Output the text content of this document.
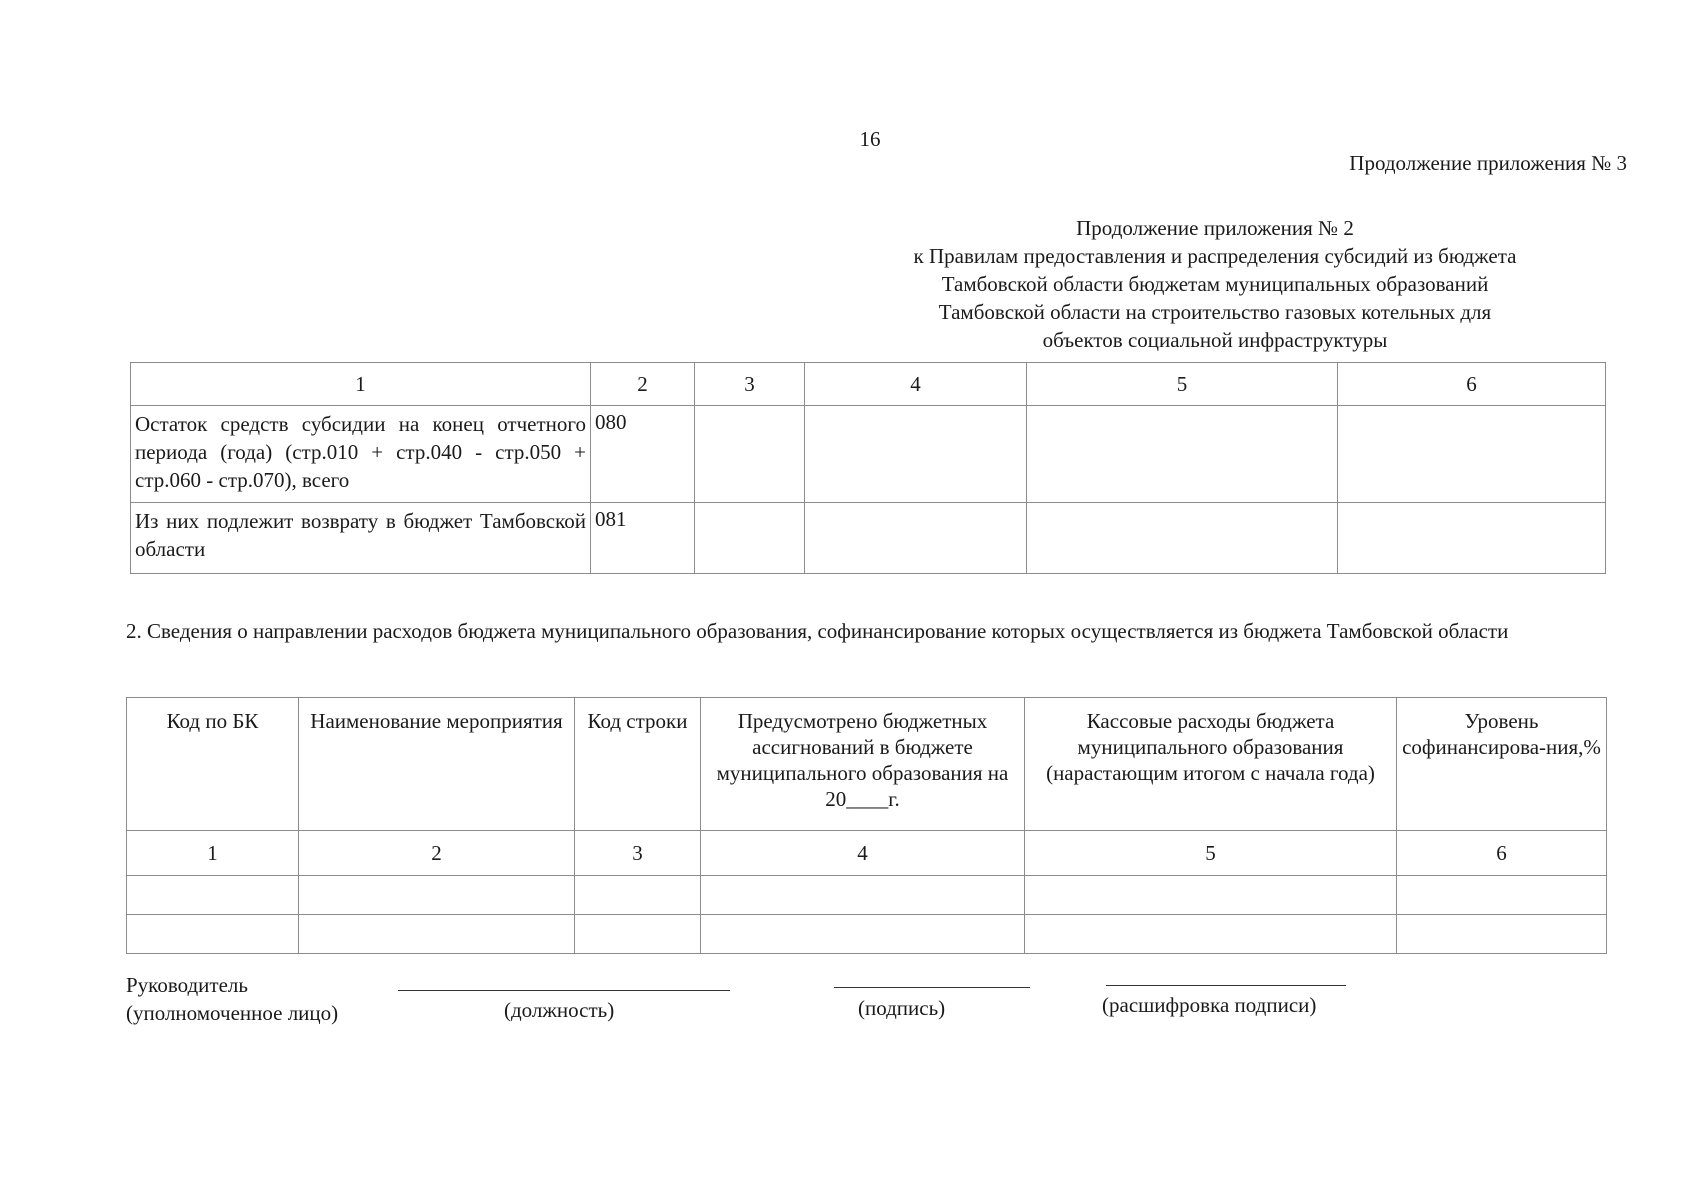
16
Продолжение приложения № 3
Продолжение приложения № 2
к Правилам предоставления и распределения субсидий из бюджета
Тамбовской области бюджетам муниципальных образований
Тамбовской области на строительство газовых котельных для
объектов социальной инфраструктуры
1	2	3	4	5	6
Остаток средств субсидии на конец отчетного периода (года) (стр.010 + стр.040 - стр.050 + стр.060 - стр.070), всего	080				
Из них подлежит возврату в бюджет Тамбовской области	081				
2. Сведения о направлении расходов бюджета муниципального образования, софинансирование которых осуществляется из бюджета Тамбовской области
Код по БК	Наименование мероприятия	Код строки	Предусмотрено бюджетных ассигнований в бюджете муниципального образования на 20____г.	Кассовые расходы бюджета муниципального образования (нарастающим итогом с начала года)	Уровень софинансирова-ния,%
1	2	3	4	5	6

Руководитель
(уполномоченное лицо)	(должность)	(подпись)	(расшифровка подписи)
